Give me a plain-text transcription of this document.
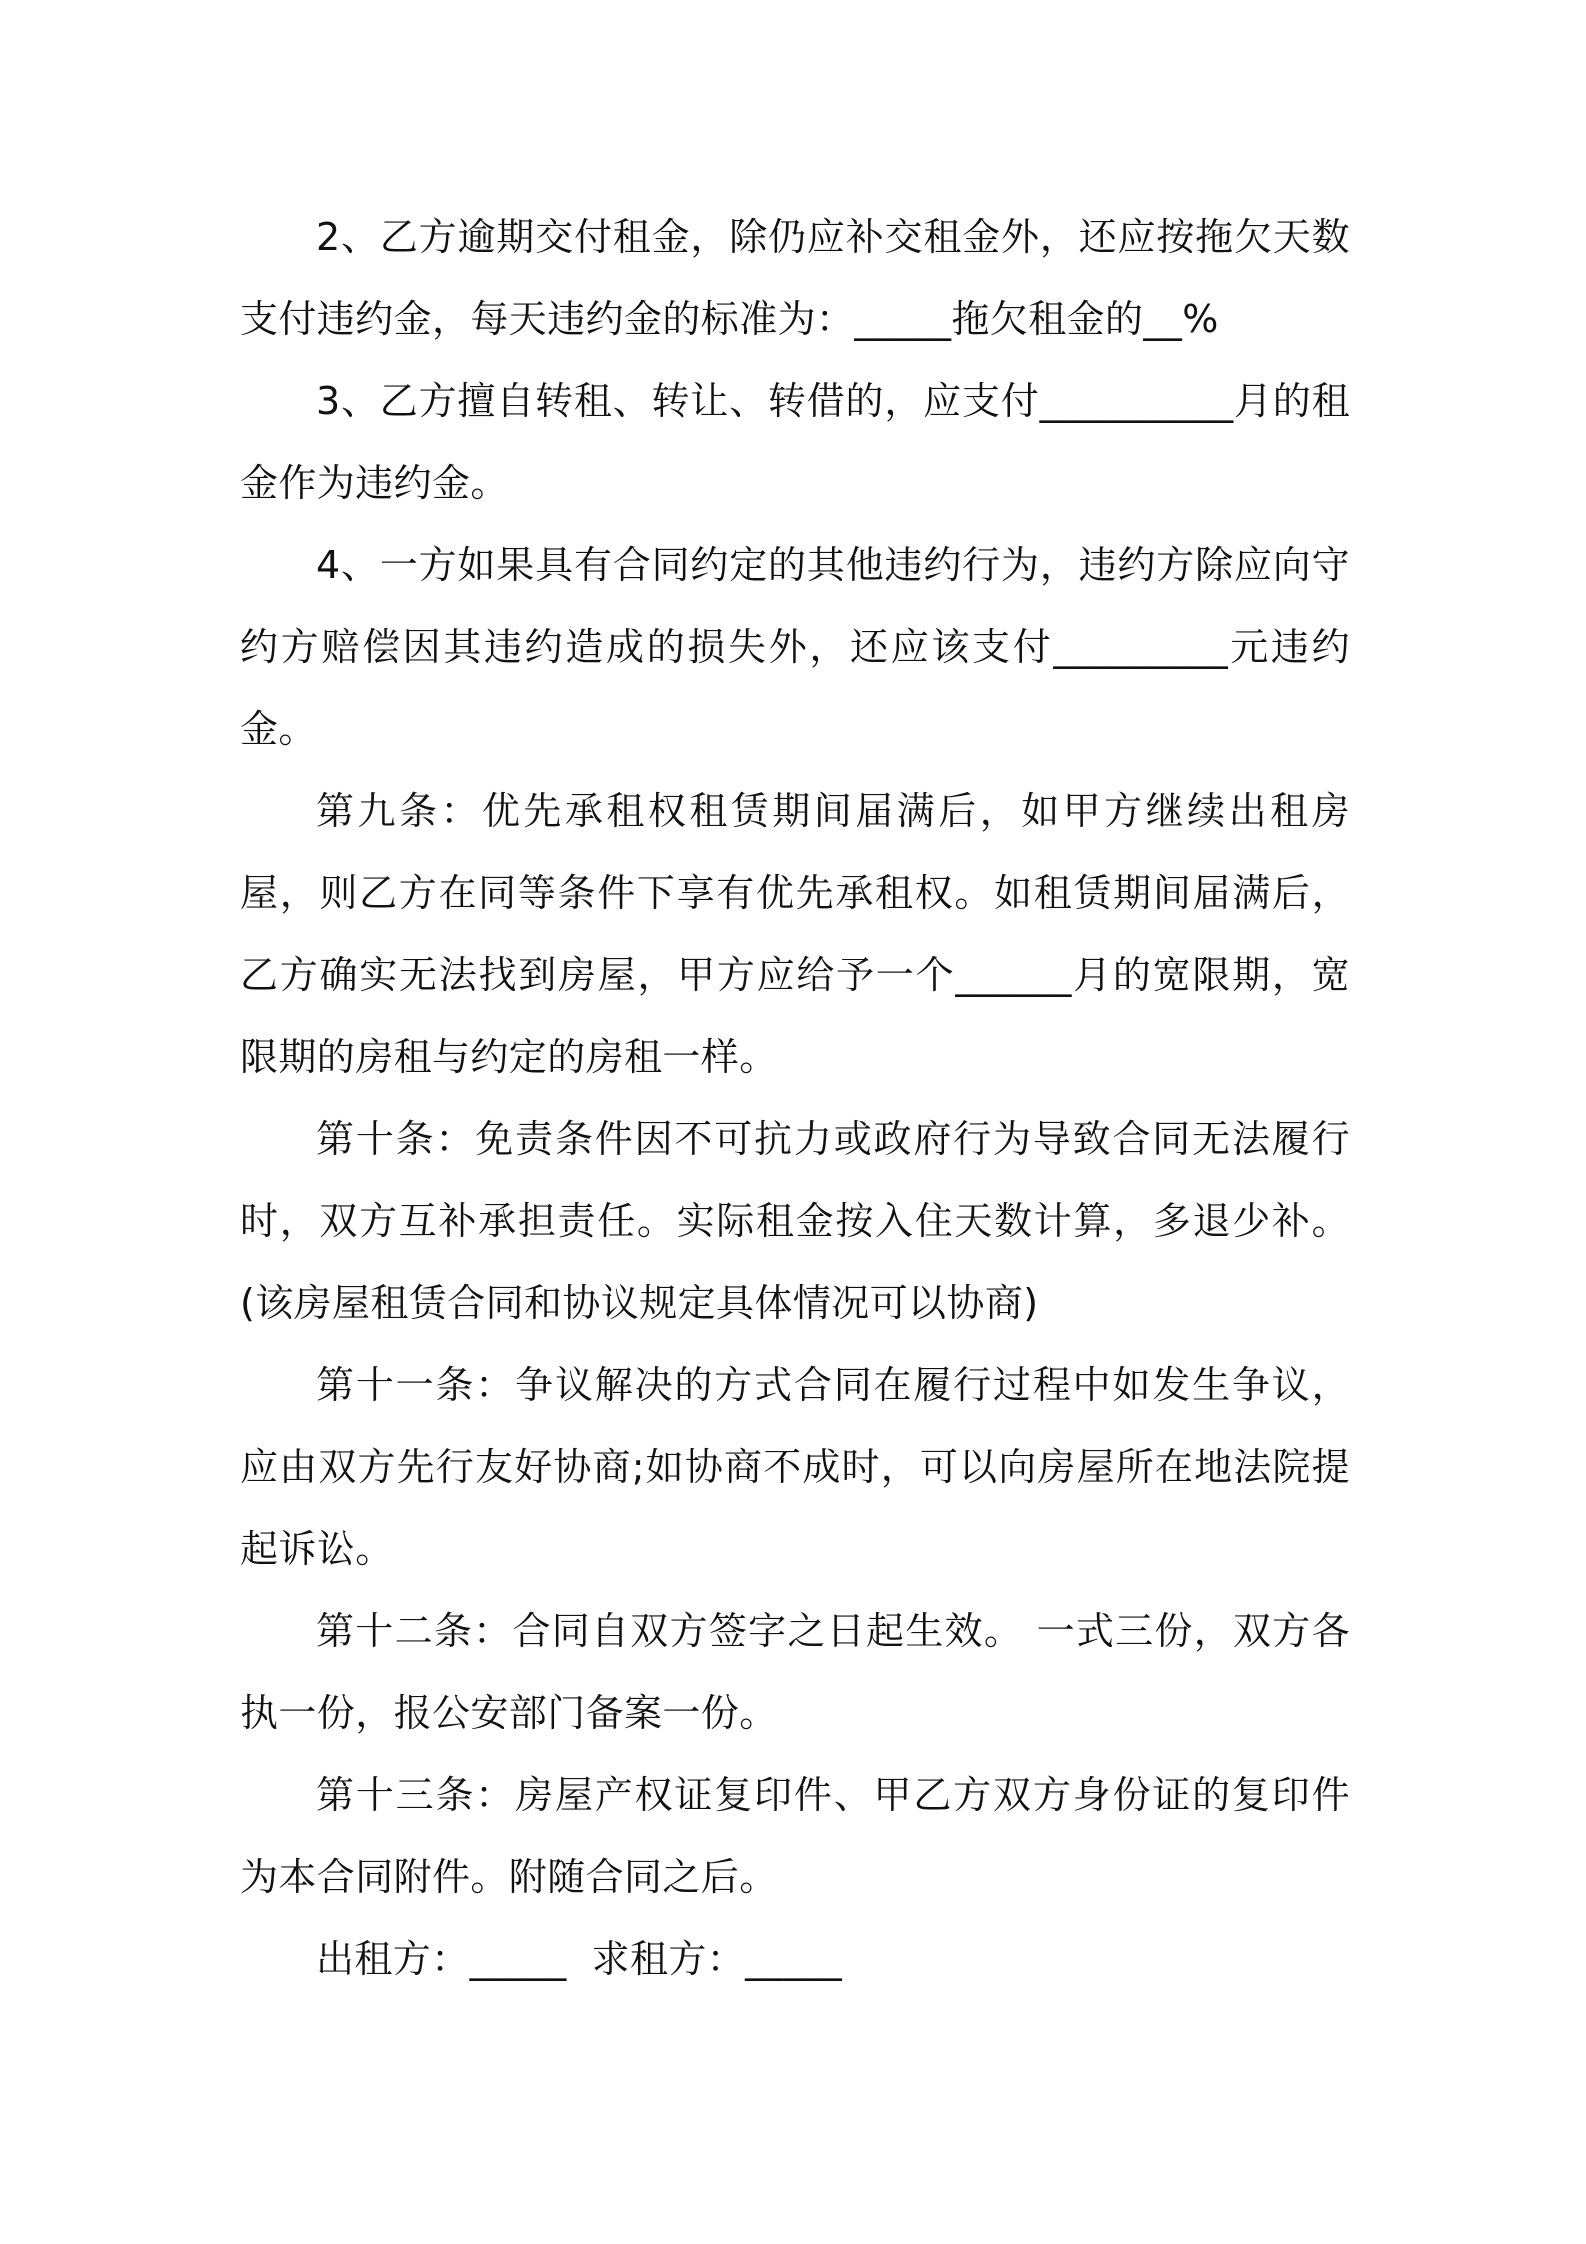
2、乙方逾期交付租金，除仍应补交租金外，还应按拖欠天数支付违约金，每天违约金的标准为：_____拖欠租金的__%

3、乙方擅自转租、转让、转借的，应支付__________月的租金作为违约金。

4、一方如果具有合同约定的其他违约行为，违约方除应向守约方赔偿因其违约造成的损失外，还应该支付_________元违约金。

第九条：优先承租权租赁期间届满后，如甲方继续出租房屋，则乙方在同等条件下享有优先承租权。如租赁期间届满后，乙方确实无法找到房屋，甲方应给予一个______月的宽限期，宽限期的房租与约定的房租一样。

第十条：免责条件因不可抗力或政府行为导致合同无法履行时，双方互补承担责任。实际租金按入住天数计算，多退少补。(该房屋租赁合同和协议规定具体情况可以协商)

第十一条：争议解决的方式合同在履行过程中如发生争议，应由双方先行友好协商;如协商不成时，可以向房屋所在地法院提起诉讼。

第十二条：合同自双方签字之日起生效。 一式三份，双方各执一份，报公安部门备案一份。

第十三条：房屋产权证复印件、甲乙方双方身份证的复印件为本合同附件。附随合同之后。

出租方：_____  求租方：_____
